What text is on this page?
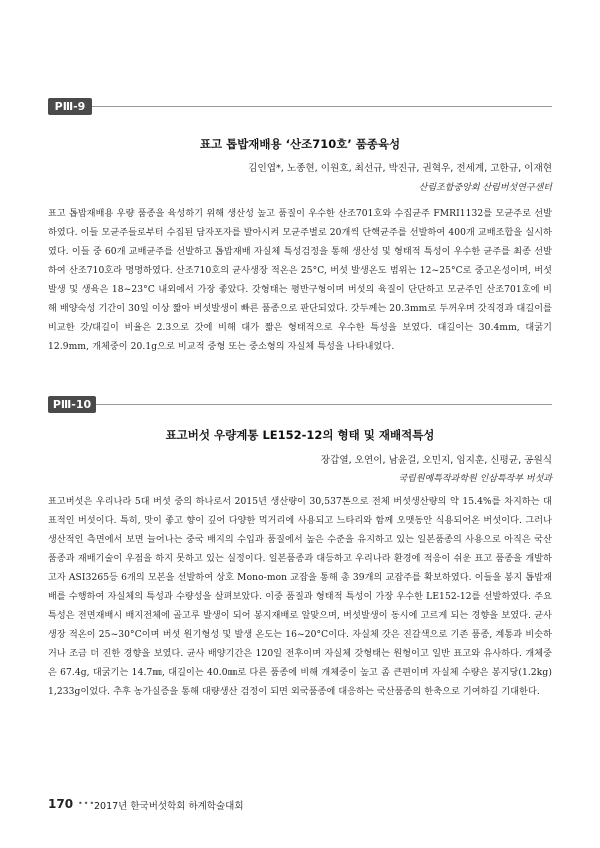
PⅢ-9
표고 톱밥재배용 ‘산조710호’ 품종육성
김인엽*, 노종현, 이원호, 최선규, 박진규, 권혁우, 전세계, 고한규, 이재현
산림조합중앙회 산림버섯연구센터
표고 톱밥재배용 우량 품종을 육성하기 위해 생산성 높고 품질이 우수한 산조701호와 수집균주 FMRI1132를 모균주로 선발하였다. 이들 모균주들로부터 수집된 담자포자를 발아시켜 모균주별로 20개씩 단핵균주를 선발하여 400개 교배조합을 실시하였다. 이들 중 60개 교배균주를 선발하고 톱밥재배 자실체 특성검정을 통해 생산성 및 형태적 특성이 우수한 균주를 최종 선발하여 산조710호라 명명하였다. 산조710호의 균사생장 적온은 25°C, 버섯 발생온도 범위는 12~25°C로 중고온성이며, 버섯발생 및 생육은 18~23°C 내외에서 가장 좋았다. 갓형태는 평반구형이며 버섯의 육질이 단단하고 모균주인 산조701호에 비해 배양숙성 기간이 30일 이상 짧아 버섯발생이 빠른 품종으로 판단되었다. 갓두께는 20.3mm로 두꺼우며 갓직경과 대길이를 비교한 갓/대길이 비율은 2.3으로 갓에 비해 대가 짧은 형태적으로 우수한 특성을 보였다. 대길이는 30.4mm, 대굵기 12.9mm, 개체중이 20.1g으로 비교적 중형 또는 중소형의 자실체 특성을 나타내었다.
PⅢ-10
표고버섯 우량계통 LE152-12의 형태 및 재배적특성
장갑열, 오연이, 남윤걸, 오민지, 임지훈, 신평균, 공원식
국립원예특작과학원 인삼특작부 버섯과
표고버섯은 우리나라 5대 버섯 중의 하나로서 2015년 생산량이 30,537톤으로 전체 버섯생산량의 약 15.4%를 차지하는 대표적인 버섯이다. 특히, 맛이 좋고 향이 깊어 다양한 먹거리에 사용되고 느타리와 함께 오맷동안 식용되어온 버섯이다. 그러나 생산적인 측면에서 보면 늘어나는 중국 배지의 수입과 품질에서 높은 수준을 유지하고 있는 일본품종의 사용으로 아직은 국산품종과 재배기술이 우점을 하지 못하고 있는 실정이다. 일본품종과 대등하고 우리나라 환경에 적응이 쉬운 표고 품종을 개발하고자 ASI3265등 6개의 모본을 선발하여 상호 Mono-mon 교잡을 통해 총 39개의 교잡주를 확보하였다. 이들을 봉지 톱밥재배를 수행하여 자실체의 특성과 수량성을 살펴보았다. 이중 품질과 형태적 특성이 가장 우수한 LE152-12를 선발하였다. 주요특성은 전면재배시 배지전체에 골고루 발생이 되어 봉지재배로 알맞으며, 버섯발생이 동시에 고르게 되는 경향을 보였다. 균사 생장 적온이 25~30°C이며 버섯 원기형성 및 발생 온도는 16~20°C이다. 자실체 갓은 진갈색으로 기존 품종, 계통과 비슷하거나 조금 더 진한 경향을 보였다. 균사 배양기간은 120일 전후이며 자실체 갓형태는 원형이고 일반 표고와 유사하다. 개체중은 67.4g, 대굵기는 14.7㎜, 대길이는 40.0㎜로 다른 품종에 비해 개체중이 높고 좀 큰편이며 자실체 수량은 봉지당(1.2kg) 1,233g이었다. 추후 농가실증을 통해 대량생산 검정이 되면 외국품종에 대응하는 국산품종의 한축으로 기여하길 기대한다.
170 •••
2017년 한국버섯학회 하계학술대회
